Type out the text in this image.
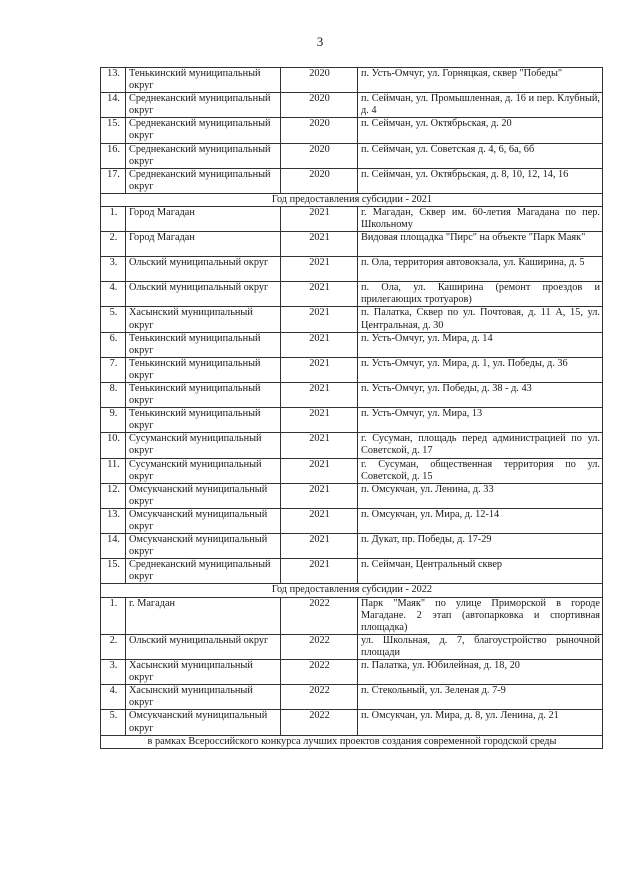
3
13.	Тенькинский муниципальный округ	2020	п. Усть-Омчуг, ул. Горняцкая, сквер "Победы"
14.	Среднеканский муниципальный округ	2020	п. Сеймчан, ул. Промышленная, д. 16 и пер. Клубный, д. 4
15.	Среднеканский муниципальный округ	2020	п. Сеймчан, ул. Октябрьская, д. 20
16.	Среднеканский муниципальный округ	2020	п. Сеймчан, ул. Советская д. 4, 6, 6а, 6б
17.	Среднеканский муниципальный округ	2020	п. Сеймчан, ул. Октябрьская, д. 8, 10, 12, 14, 16
Год предоставления субсидии - 2021			
1.	Город Магадан	2021	г. Магадан, Сквер им. 60-летия Магадана по пер. Школьному
2.	Город Магадан	2021	Видовая площадка "Пирс" на объекте "Парк Маяк"
3.	Ольский муниципальный округ	2021	п. Ола, территория автовокзала, ул. Каширина, д. 5
4.	Ольский муниципальный округ	2021	п. Ола, ул. Каширина (ремонт проездов и прилегающих тротуаров)
5.	Хасынский муниципальный округ	2021	п. Палатка, Сквер по ул. Почтовая, д. 11 А, 15, ул. Центральная, д. 30
6.	Тенькинский муниципальный округ	2021	п. Усть-Омчуг, ул. Мира, д. 14
7.	Тенькинский муниципальный округ	2021	п. Усть-Омчуг, ул. Мира, д. 1, ул. Победы, д. 36
8.	Тенькинский муниципальный округ	2021	п. Усть-Омчуг, ул. Победы, д. 38 - д. 43
9.	Тенькинский муниципальный округ	2021	п. Усть-Омчуг, ул. Мира, 13
10.	Сусуманский муниципальный округ	2021	г. Сусуман, площадь перед администрацией по ул. Советской, д. 17
11.	Сусуманский муниципальный округ	2021	г. Сусуман, общественная территория по ул. Советской, д. 15
12.	Омсукчанский муниципальный округ	2021	п. Омсукчан, ул. Ленина, д. 33
13.	Омсукчанский муниципальный округ	2021	п. Омсукчан, ул. Мира, д. 12-14
14.	Омсукчанский муниципальный округ	2021	п. Дукат, пр. Победы, д. 17-29
15.	Среднеканский муниципальный округ	2021	п. Сеймчан, Центральный сквер
Год предоставления субсидии - 2022			
1.	г. Магадан	2022	Парк "Маяк" по улице Приморской в городе Магадане. 2 этап (автопарковка и спортивная площадка)
2.	Ольский муниципальный округ	2022	ул. Школьная, д. 7, благоустройство рыночной площади
3.	Хасынский муниципальный округ	2022	п. Палатка, ул. Юбилейная, д. 18, 20
4.	Хасынский муниципальный округ	2022	п. Стекольный, ул. Зеленая д. 7-9
5.	Омсукчанский муниципальный округ	2022	п. Омсукчан, ул. Мира, д. 8, ул. Ленина, д. 21
в рамках Всероссийского конкурса лучших проектов создания современной городской среды			
